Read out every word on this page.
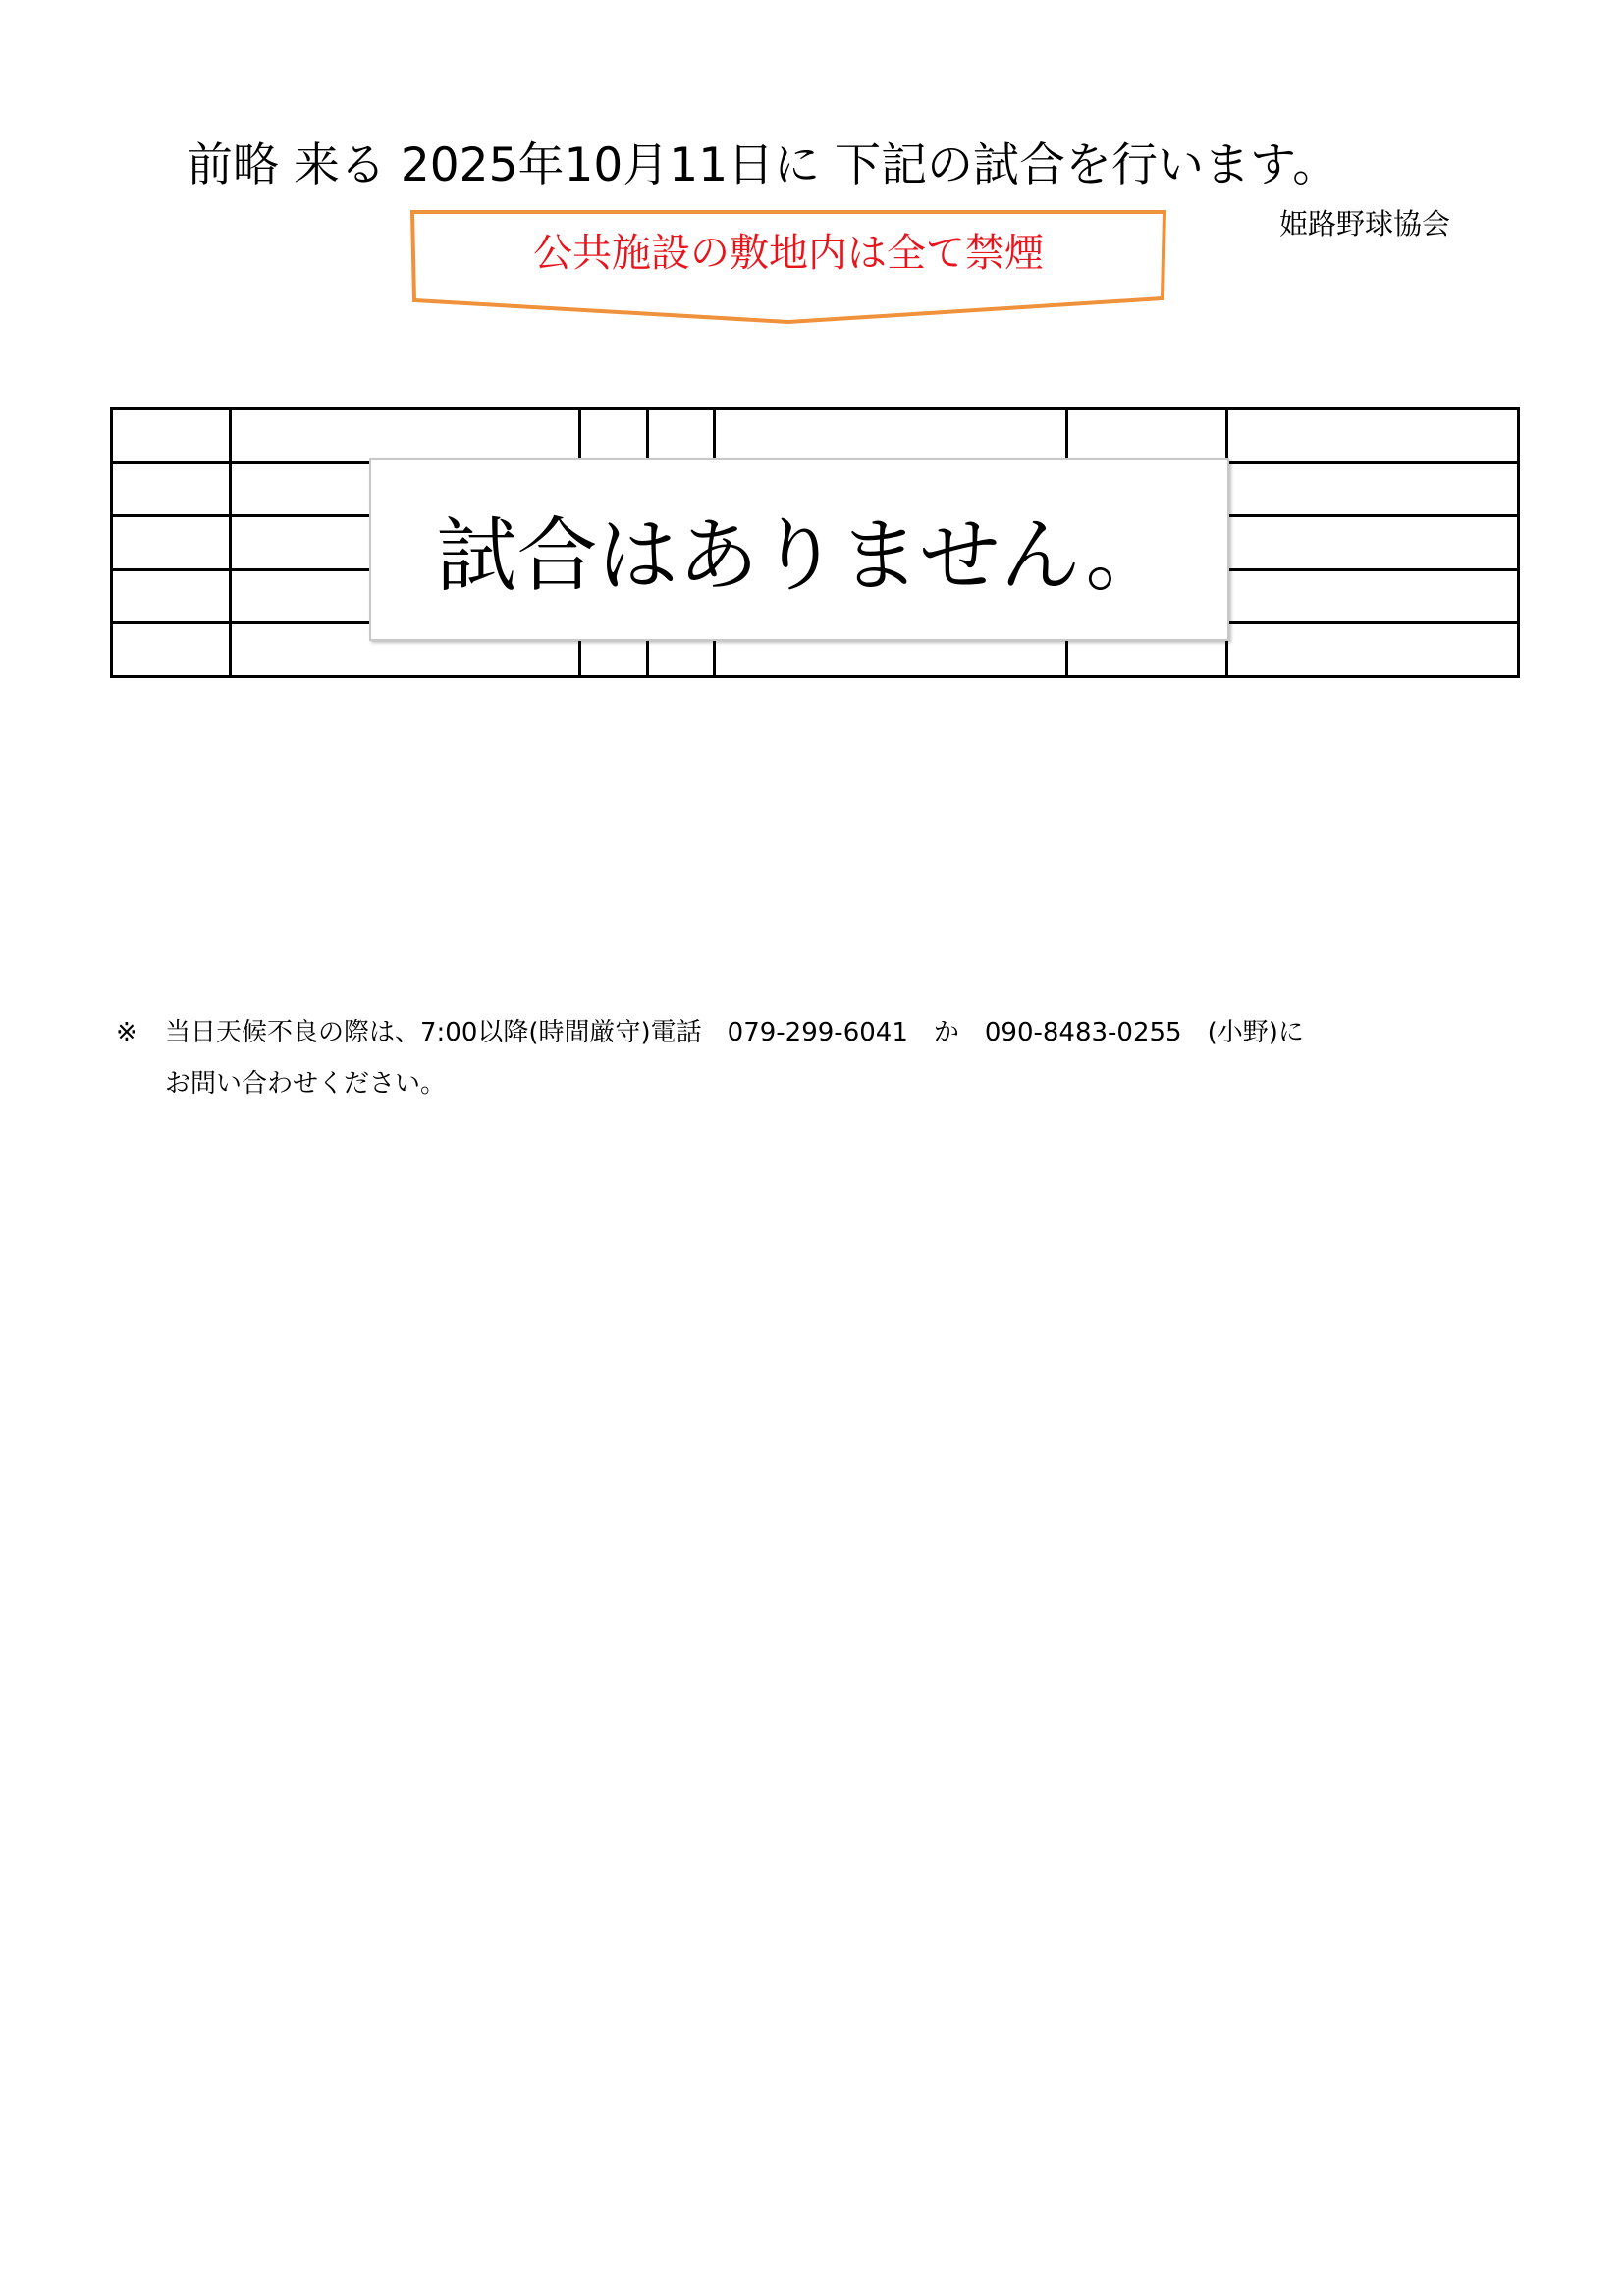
前略 来る 2025年10月11日に 下記の試合を行います。
姫路野球協会
公共施設の敷地内は全て禁煙

試合はありません。
※ 当日天候不良の際は、7:00以降(時間厳守)電話　079-299-6041　か　090-8483-0255　(小野)に
お問い合わせください。
